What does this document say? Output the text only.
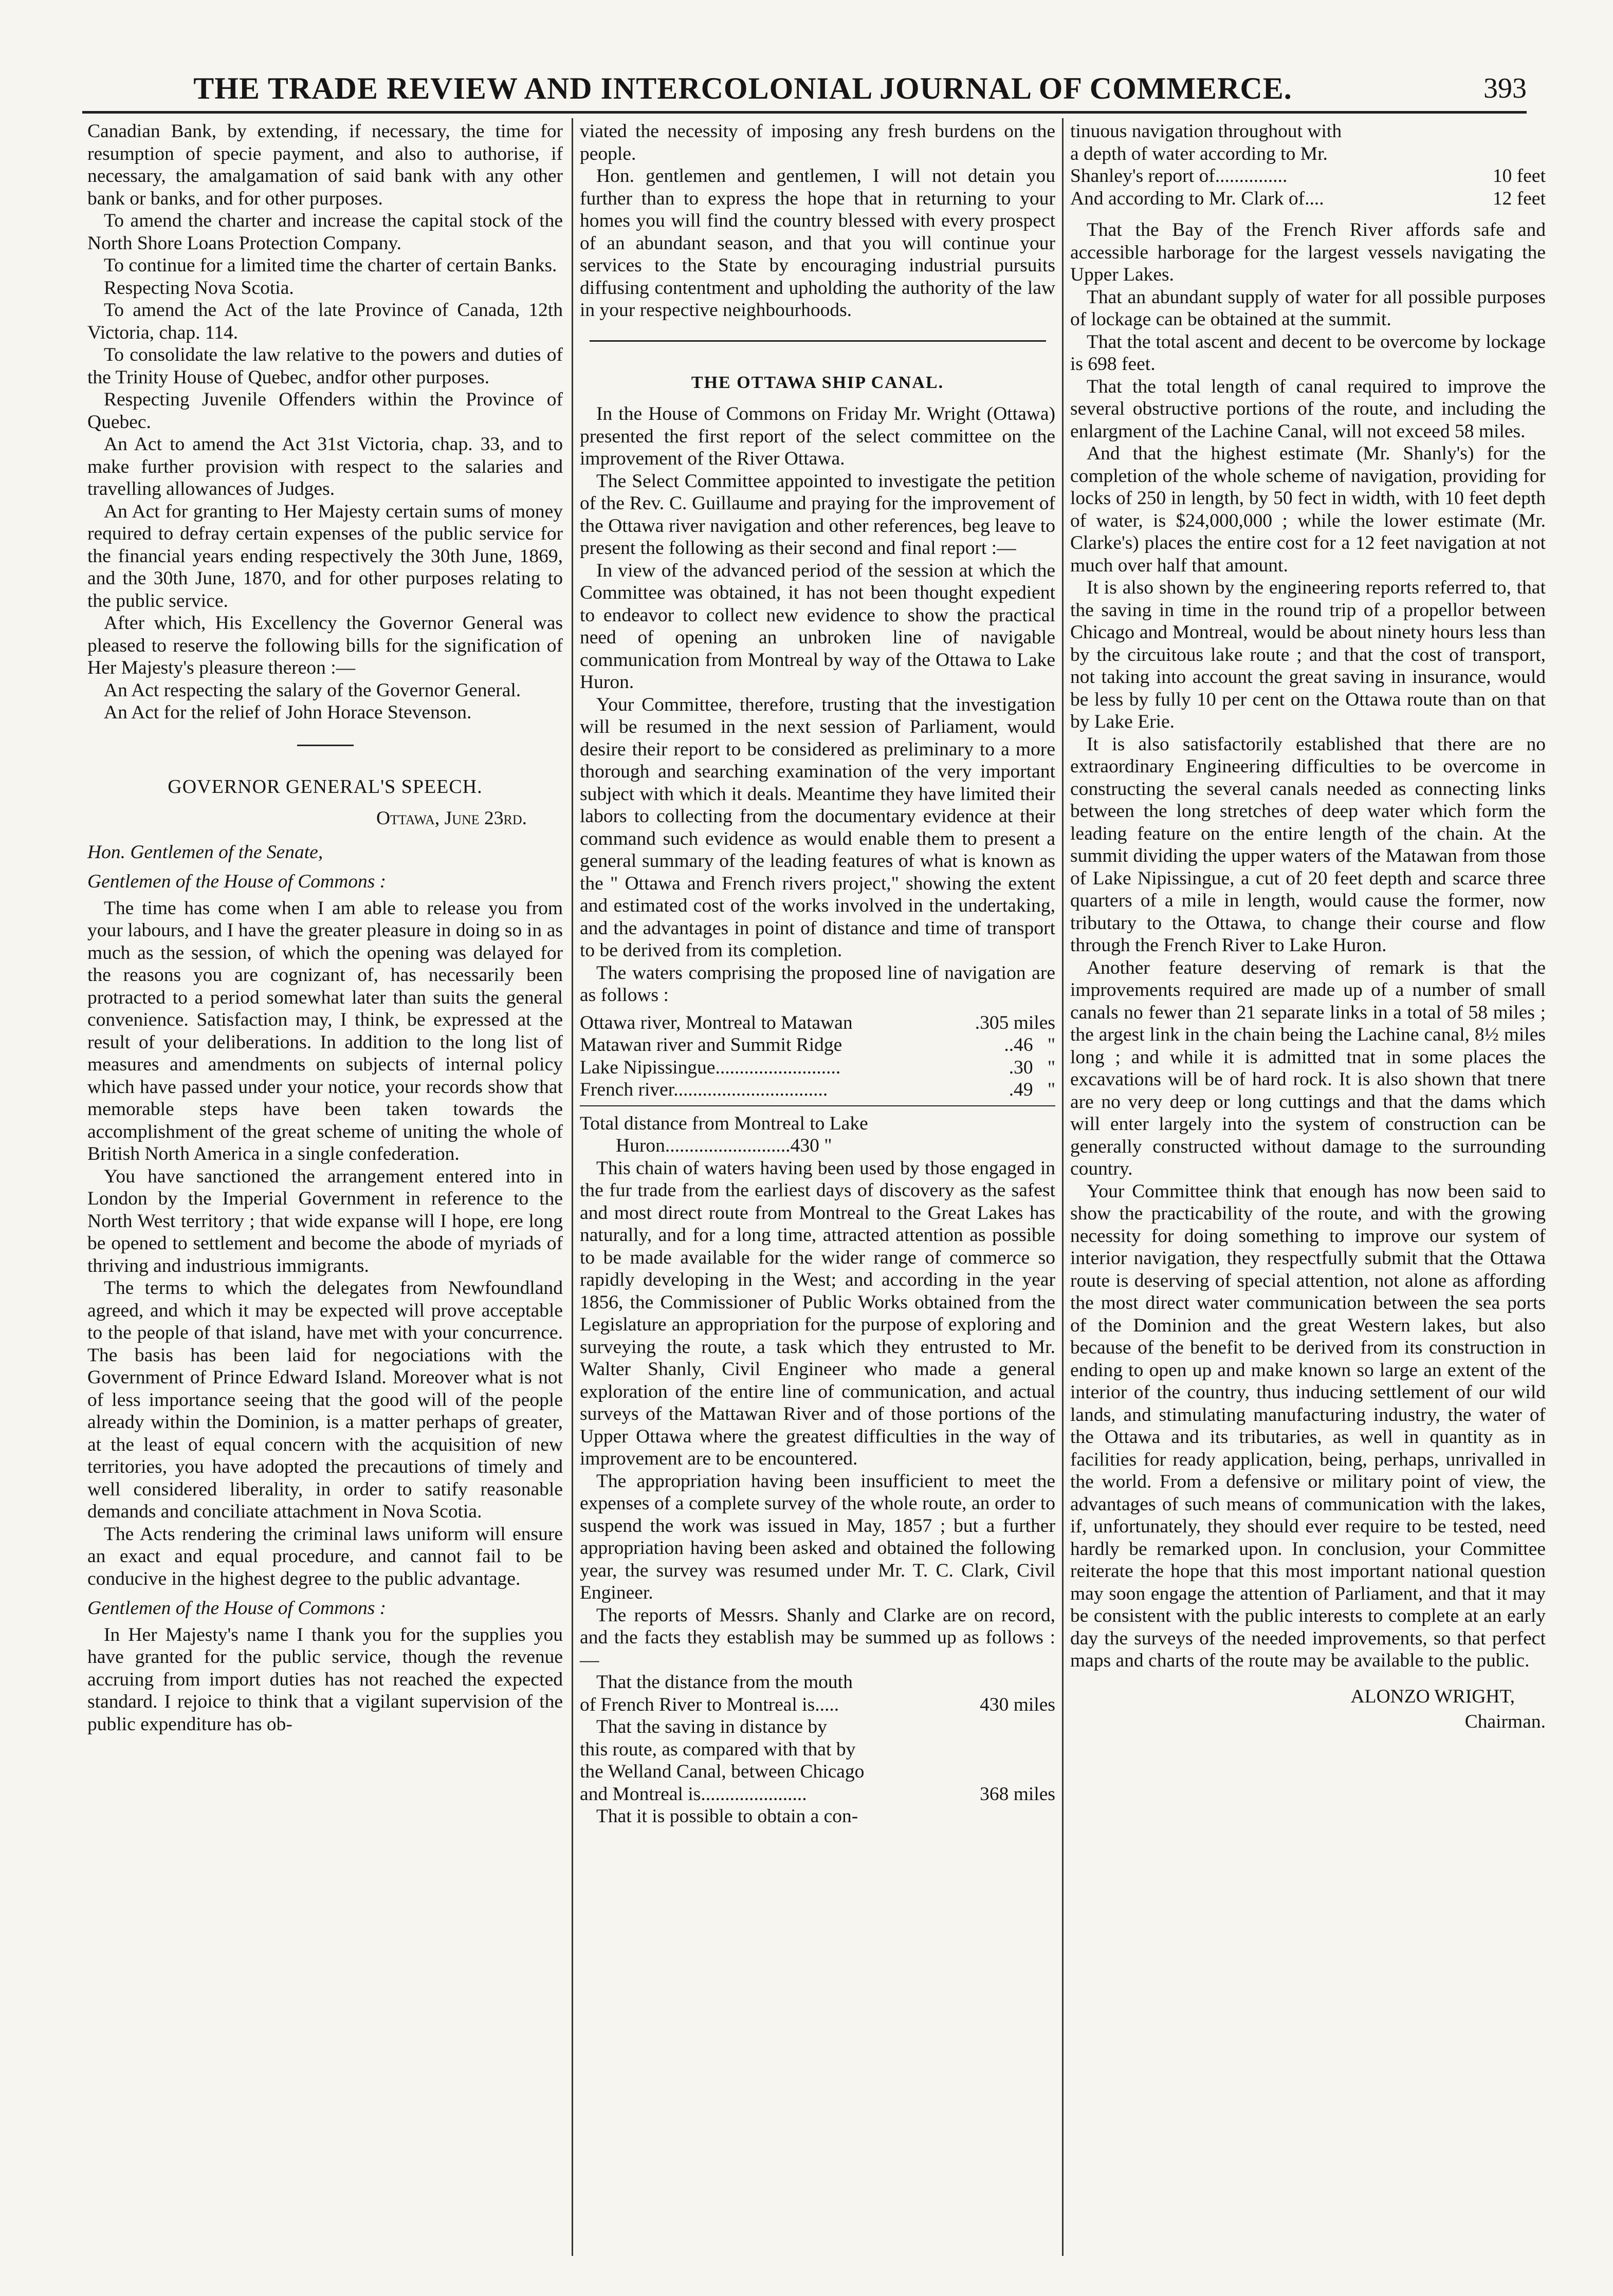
THE TRADE REVIEW AND INTERCOLONIAL JOURNAL OF COMMERCE.	393

Canadian Bank, by extending, if necessary, the time for resumption of specie payment, and also to authorise, if necessary, the amalgamation of said bank with any other bank or banks, and for other purposes.

To amend the charter and increase the capital stock of the North Shore Loans Protection Company.

To continue for a limited time the charter of certain Banks.

Respecting Nova Scotia.

To amend the Act of the late Province of Canada, 12th Victoria, chap. 114.

To consolidate the law relative to the powers and duties of the Trinity House of Quebec, andfor other purposes.

Respecting Juvenile Offenders within the Province of Quebec.

An Act to amend the Act 31st Victoria, chap. 33, and to make further provision with respect to the salaries and travelling allowances of Judges.

An Act for granting to Her Majesty certain sums of money required to defray certain expenses of the public service for the financial years ending respectively the 30th June, 1869, and the 30th June, 1870, and for other purposes relating to the public service.

After which, His Excellency the Governor General was pleased to reserve the following bills for the signification of Her Majesty's pleasure thereon :—

An Act respecting the salary of the Governor General.

An Act for the relief of John Horace Stevenson.

GOVERNOR GENERAL'S SPEECH.

Ottawa, June 23rd.

Hon. Gentlemen of the Senate,

Gentlemen of the House of Commons :

The time has come when I am able to release you from your labours, and I have the greater pleasure in doing so in as much as the session, of which the opening was delayed for the reasons you are cognizant of, has necessarily been protracted to a period somewhat later than suits the general convenience. Satisfaction may, I think, be expressed at the result of your deliberations. In addition to the long list of measures and amendments on subjects of internal policy which have passed under your notice, your records show that memorable steps have been taken towards the accomplishment of the great scheme of uniting the whole of British North America in a single confederation.

You have sanctioned the arrangement entered into in London by the Imperial Government in reference to the North West territory ; that wide expanse will I hope, ere long be opened to settlement and become the abode of myriads of thriving and industrious immigrants.

The terms to which the delegates from Newfoundland agreed, and which it may be expected will prove acceptable to the people of that island, have met with your concurrence. The basis has been laid for negociations with the Government of Prince Edward Island. Moreover what is not of less importance seeing that the good will of the people already within the Dominion, is a matter perhaps of greater, at the least of equal concern with the acquisition of new territories, you have adopted the precautions of timely and well considered liberality, in order to satify reasonable demands and conciliate attachment in Nova Scotia.

The Acts rendering the criminal laws uniform will ensure an exact and equal procedure, and cannot fail to be conducive in the highest degree to the public advantage.

Gentlemen of the House of Commons :

In Her Majesty's name I thank you for the supplies you have granted for the public service, though the revenue accruing from import duties has not reached the expected standard. I rejoice to think that a vigilant supervision of the public expenditure has ob-

viated the necessity of imposing any fresh burdens on the people.

Hon. gentlemen and gentlemen, I will not detain you further than to express the hope that in returning to your homes you will find the country blessed with every prospect of an abundant season, and that you will continue your services to the State by encouraging industrial pursuits diffusing contentment and upholding the authority of the law in your respective neighbourhoods.

THE OTTAWA SHIP CANAL.

In the House of Commons on Friday Mr. Wright (Ottawa) presented the first report of the select committee on the improvement of the River Ottawa.

The Select Committee appointed to investigate the petition of the Rev. C. Guillaume and praying for the improvement of the Ottawa river navigation and other references, beg leave to present the following as their second and final report :—

In view of the advanced period of the session at which the Committee was obtained, it has not been thought expedient to endeavor to collect new evidence to show the practical need of opening an unbroken line of navigable communication from Montreal by way of the Ottawa to Lake Huron.

Your Committee, therefore, trusting that the investigation will be resumed in the next session of Parliament, would desire their report to be considered as preliminary to a more thorough and searching examination of the very important subject with which it deals. Meantime they have limited their labors to collecting from the documentary evidence at their command such evidence as would enable them to present a general summary of the leading features of what is known as the " Ottawa and French rivers project," showing the extent and estimated cost of the works involved in the undertaking, and the advantages in point of distance and time of transport to be derived from its completion.

The waters comprising the proposed line of navigation are as follows :

Ottawa river, Montreal to Matawan	.305 miles
Matawan river and Summit Ridge	..46   "
Lake Nipissingue..........................	.30   "
French river................................	.49   "

Total distance from Montreal to Lake

Huron..........................430 "

This chain of waters having been used by those engaged in the fur trade from the earliest days of discovery as the safest and most direct route from Montreal to the Great Lakes has naturally, and for a long time, attracted attention as possible to be made available for the wider range of commerce so rapidly developing in the West; and according in the year 1856, the Commissioner of Public Works obtained from the Legislature an appropriation for the purpose of exploring and surveying the route, a task which they entrusted to Mr. Walter Shanly, Civil Engineer who made a general exploration of the entire line of communication, and actual surveys of the Mattawan River and of those portions of the Upper Ottawa where the greatest difficulties in the way of improvement are to be encountered.

The appropriation having been insufficient to meet the expenses of a complete survey of the whole route, an order to suspend the work was issued in May, 1857 ; but a further appropriation having been asked and obtained the following year, the survey was resumed under Mr. T. C. Clark, Civil Engineer.

The reports of Messrs. Shanly and Clarke are on record, and the facts they establish may be summed up as follows :—

That the distance from the mouth

of French River to Montreal is.....	430 miles

That the saving in distance by

this route, as compared with that by

the Welland Canal, between Chicago

and Montreal is......................	368 miles

That it is possible to obtain a con-

tinuous navigation throughout with

a depth of water according to Mr.

Shanley's report of...............	10 feet
And according to Mr. Clark of....	12 feet

That the Bay of the French River affords safe and accessible harborage for the largest vessels navigating the Upper Lakes.

That an abundant supply of water for all possible purposes of lockage can be obtained at the summit.

That the total ascent and decent to be overcome by lockage is 698 feet.

That the total length of canal required to improve the several obstructive portions of the route, and including the enlargment of the Lachine Canal, will not exceed 58 miles.

And that the highest estimate (Mr. Shanly's) for the completion of the whole scheme of navigation, providing for locks of 250 in length, by 50 fect in width, with 10 feet depth of water, is $24,000,000 ; while the lower estimate (Mr. Clarke's) places the entire cost for a 12 feet navigation at not much over half that amount.

It is also shown by the engineering reports referred to, that the saving in time in the round trip of a propellor between Chicago and Montreal, would be about ninety hours less than by the circuitous lake route ; and that the cost of transport, not taking into account the great saving in insurance, would be less by fully 10 per cent on the Ottawa route than on that by Lake Erie.

It is also satisfactorily established that there are no extraordinary Engineering difficulties to be overcome in constructing the several canals needed as connecting links between the long stretches of deep water which form the leading feature on the entire length of the chain. At the summit dividing the upper waters of the Matawan from those of Lake Nipissingue, a cut of 20 feet depth and scarce three quarters of a mile in length, would cause the former, now tributary to the Ottawa, to change their course and flow through the French River to Lake Huron.

Another feature deserving of remark is that the improvements required are made up of a number of small canals no fewer than 21 separate links in a total of 58 miles ; the argest link in the chain being the Lachine canal, 8½ miles long ; and while it is admitted tnat in some places the excavations will be of hard rock. It is also shown that tnere are no very deep or long cuttings and that the dams which will enter largely into the system of construction can be generally constructed without damage to the surrounding country.

Your Committee think that enough has now been said to show the practicability of the route, and with the growing necessity for doing something to improve our system of interior navigation, they respectfully submit that the Ottawa route is deserving of special attention, not alone as affording the most direct water communication between the sea ports of the Dominion and the great Western lakes, but also because of the benefit to be derived from its construction in ending to open up and make known so large an extent of the interior of the country, thus inducing settlement of our wild lands, and stimulating manufacturing industry, the water of the Ottawa and its tributaries, as well in quantity as in facilities for ready application, being, perhaps, unrivalled in the world. From a defensive or military point of view, the advantages of such means of communication with the lakes, if, unfortunately, they should ever require to be tested, need hardly be remarked upon. In conclusion, your Committee reiterate the hope that this most important national question may soon engage the attention of Parliament, and that it may be consistent with the public interests to complete at an early day the surveys of the needed improvements, so that perfect maps and charts of the route may be available to the public.

ALONZO WRIGHT,

Chairman.
